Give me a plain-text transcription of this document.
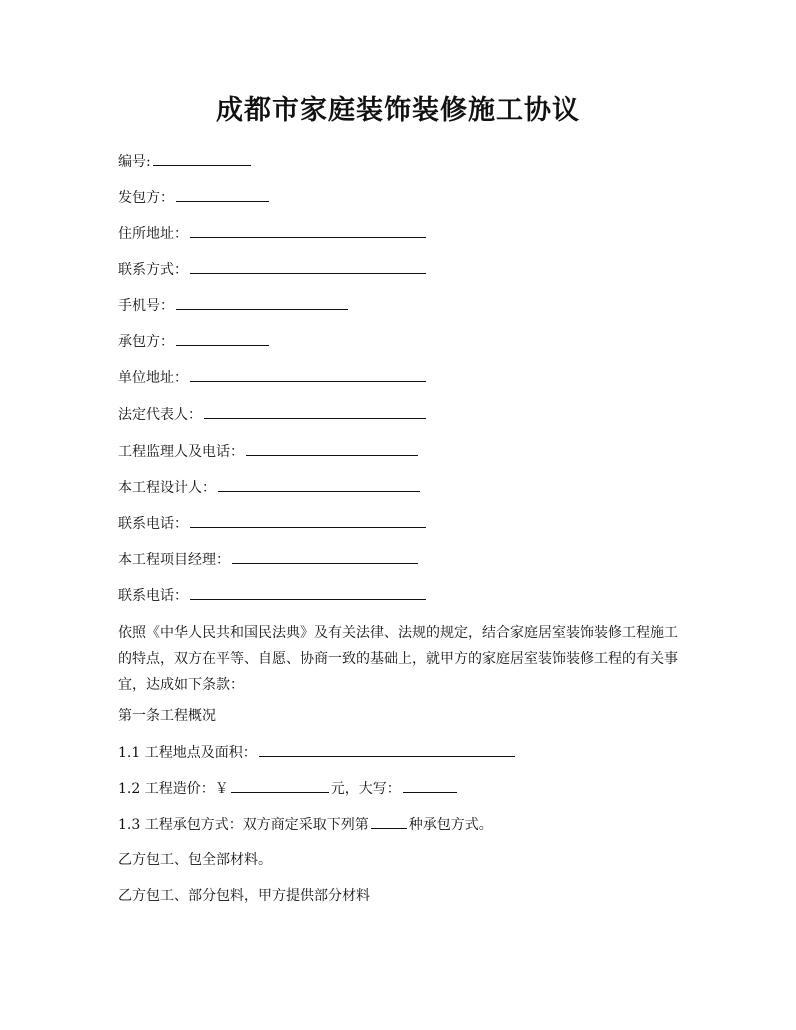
成都市家庭装饰装修施工协议
编号:
发包方：
住所地址：
联系方式：
手机号：
承包方：
单位地址：
法定代表人：
工程监理人及电话：
本工程设计人：
联系电话：
本工程项目经理：
联系电话：
依照《中华人民共和国民法典》及有关法律、法规的规定，结合家庭居室装饰装修工程施工的特点，双方在平等、自愿、协商一致的基础上，就甲方的家庭居室装饰装修工程的有关事宜，达成如下条款：
第一条工程概况
1.1 工程地点及面积：
1.2 工程造价：￥	元，大写：
1.3 工程承包方式：双方商定采取下列第	种承包方式。
乙方包工、包全部材料。
乙方包工、部分包料，甲方提供部分材料
